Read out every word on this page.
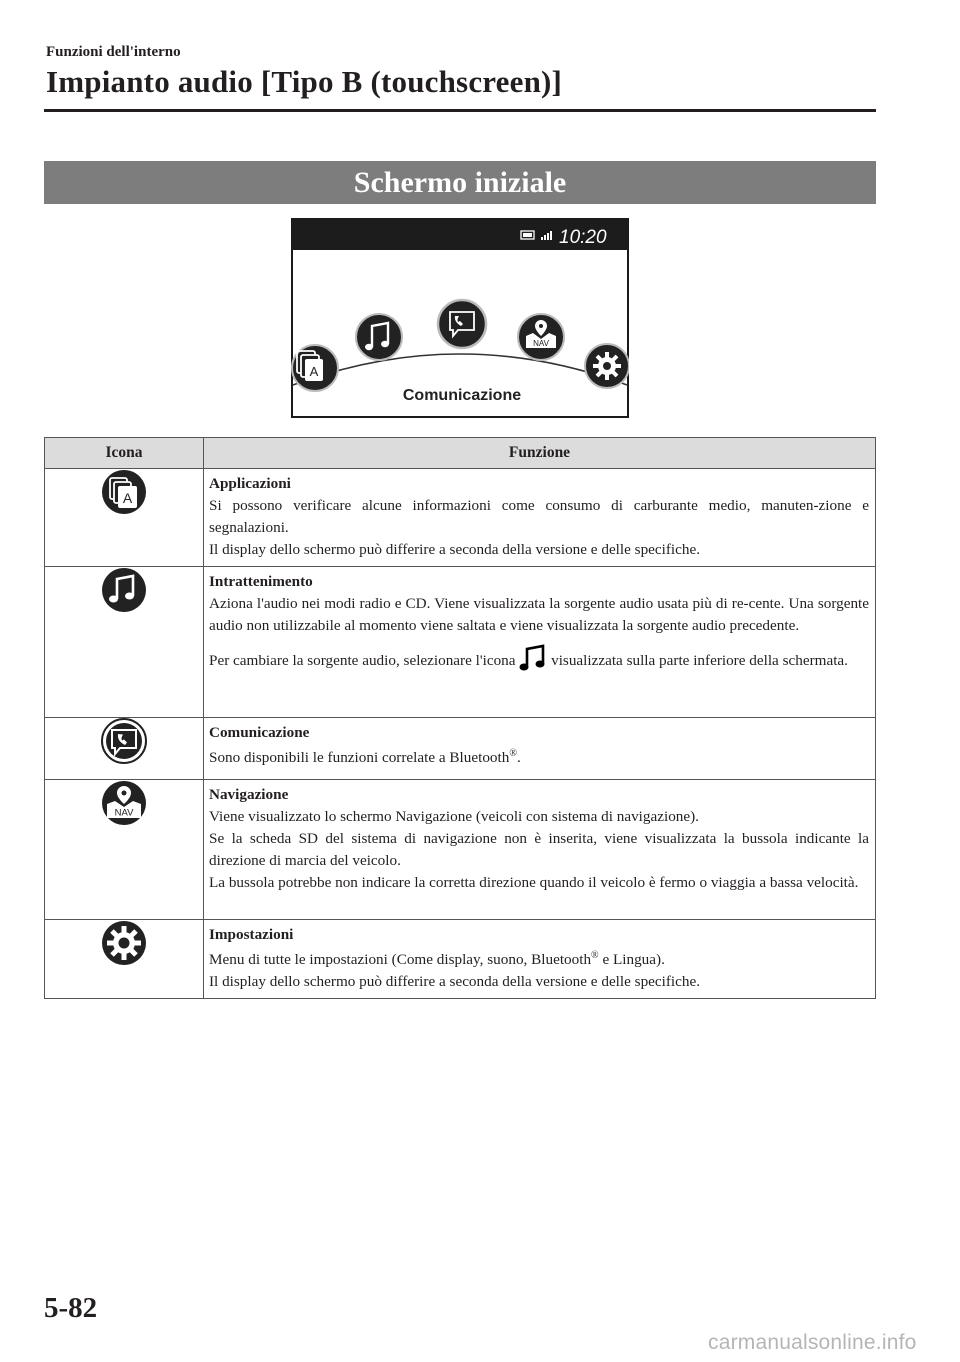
Funzioni dell'interno
Impianto audio [Tipo B (touchscreen)]
Schermo iniziale
10:20
A
NAV
Comunicazione
Icona	Funzione

A	Applicazioni
Si possono verificare alcune informazioni come consumo di carburante medio, manuten-zione e segnalazioni.
Il display dello schermo può differire a seconda della versione e delle specifiche.

Intrattenimento
Aziona l'audio nei modi radio e CD. Viene visualizzata la sorgente audio usata più di re-cente. Una sorgente audio non utilizzabile al momento viene saltata e viene visualizzata la sorgente audio precedente.
Per cambiare la sorgente audio, selezionare l'icona visualizzata sulla parte inferiore della schermata.

Comunicazione
Sono disponibili le funzioni correlate a Bluetooth®.

NAV	Navigazione
Viene visualizzato lo schermo Navigazione (veicoli con sistema di navigazione).
Se la scheda SD del sistema di navigazione non è inserita, viene visualizzata la bussola indicante la direzione di marcia del veicolo.
La bussola potrebbe non indicare la corretta direzione quando il veicolo è fermo o viaggia a bassa velocità.

Impostazioni
Menu di tutte le impostazioni (Come display, suono, Bluetooth® e Lingua).
Il display dello schermo può differire a seconda della versione e delle specifiche.
5-82
carmanualsonline.info
